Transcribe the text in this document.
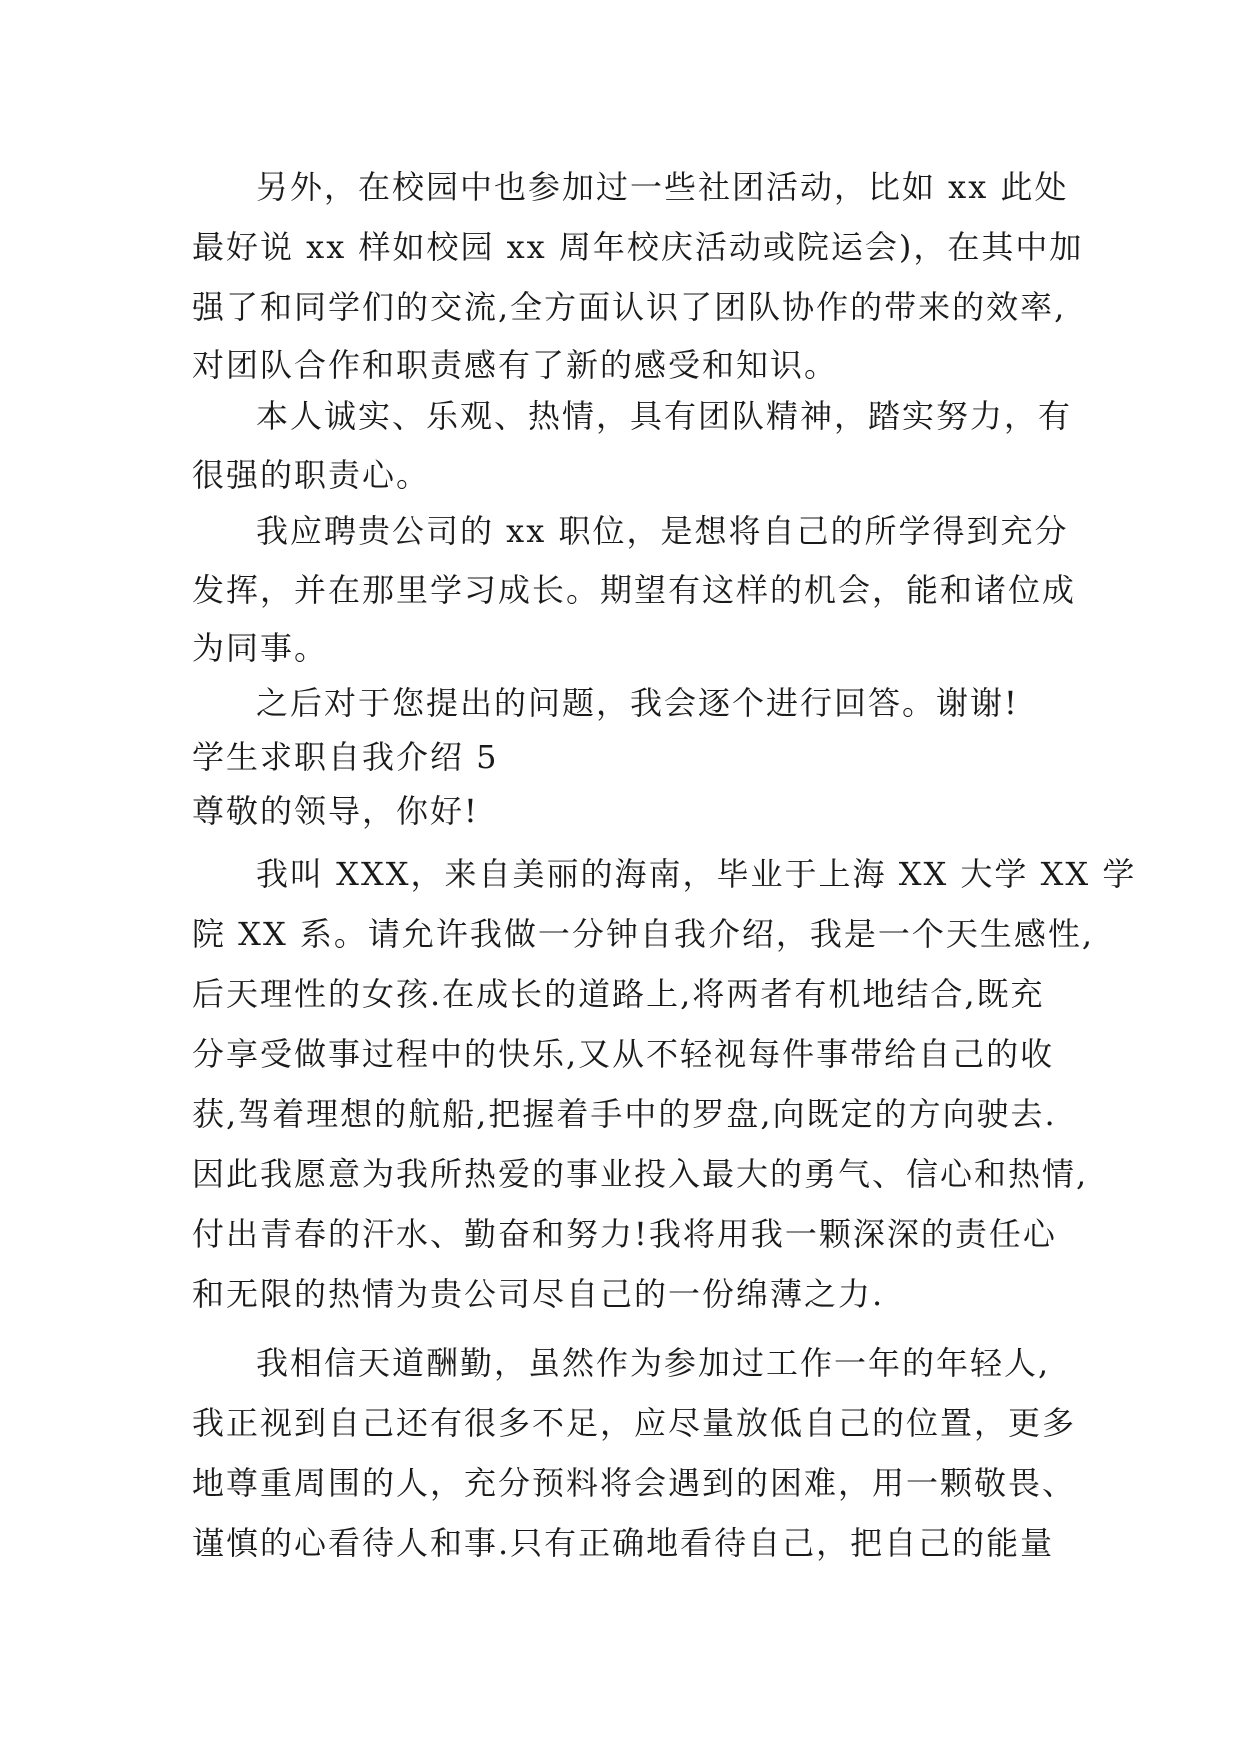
另外，在校园中也参加过一些社团活动，比如 xx 此处
最好说 xx 样如校园 xx 周年校庆活动或院运会)，在其中加
强了和同学们的交流,全方面认识了团队协作的带来的效率,
对团队合作和职责感有了新的感受和知识。
本人诚实、乐观、热情，具有团队精神，踏实努力，有
很强的职责心。
我应聘贵公司的 xx 职位，是想将自己的所学得到充分
发挥，并在那里学习成长。期望有这样的机会，能和诸位成
为同事。
之后对于您提出的问题，我会逐个进行回答。谢谢!
学生求职自我介绍 5
尊敬的领导，你好!
我叫 XXX，来自美丽的海南，毕业于上海 XX 大学 XX 学
院 XX 系。请允许我做一分钟自我介绍，我是一个天生感性,
后天理性的女孩.在成长的道路上,将两者有机地结合,既充
分享受做事过程中的快乐,又从不轻视每件事带给自己的收
获,驾着理想的航船,把握着手中的罗盘,向既定的方向驶去.
因此我愿意为我所热爱的事业投入最大的勇气、信心和热情,
付出青春的汗水、勤奋和努力!我将用我一颗深深的责任心
和无限的热情为贵公司尽自己的一份绵薄之力.
我相信天道酬勤，虽然作为参加过工作一年的年轻人,
我正视到自己还有很多不足，应尽量放低自己的位置，更多
地尊重周围的人，充分预料将会遇到的困难，用一颗敬畏、
谨慎的心看待人和事.只有正确地看待自己，把自己的能量
